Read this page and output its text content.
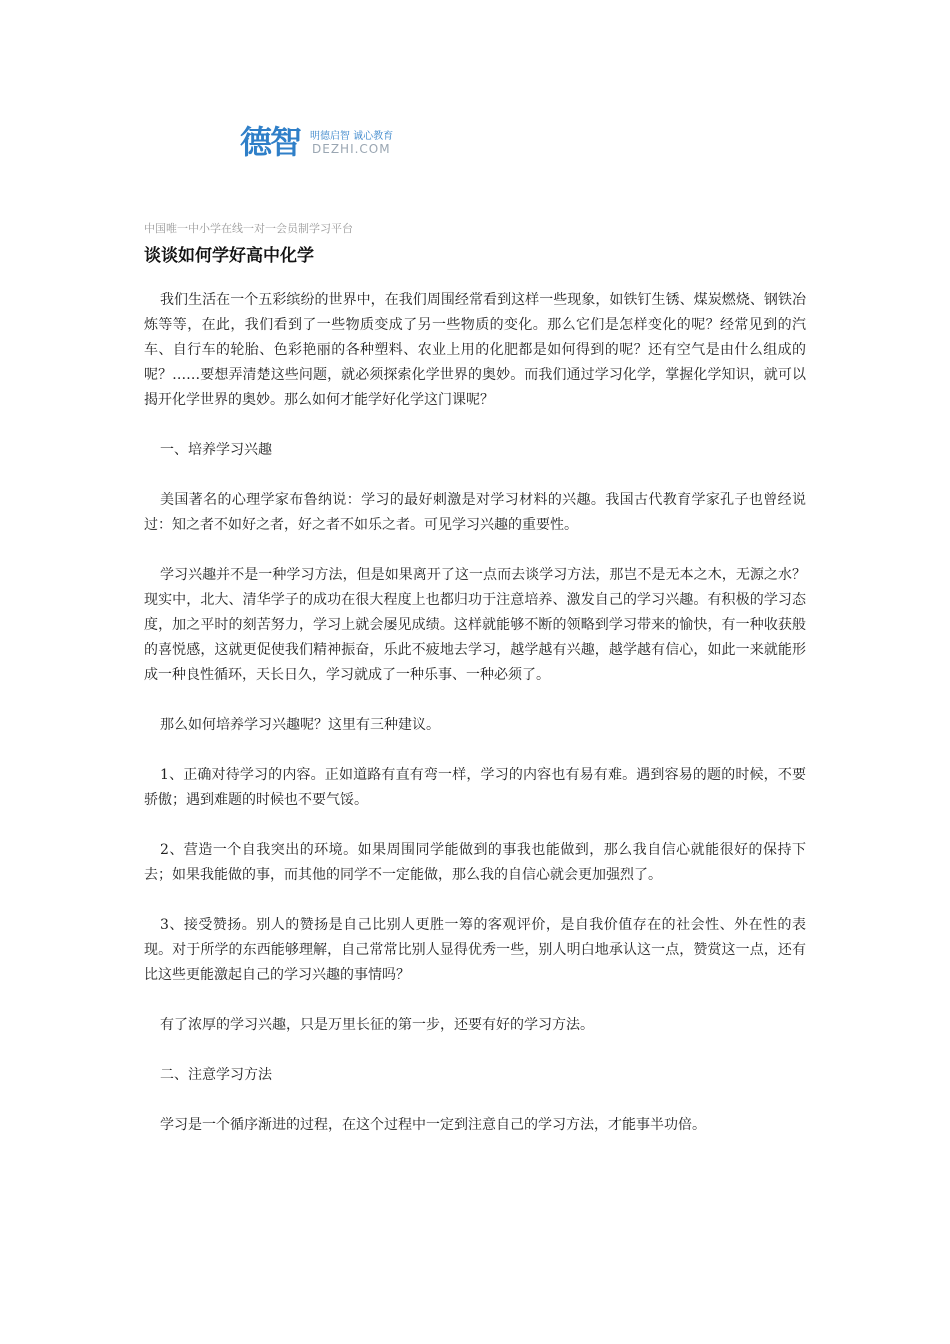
德智 明德启智 诚心教育
DEZHI.COM
中国唯一中小学在线一对一会员制学习平台
谈谈如何学好高中化学

我们生活在一个五彩缤纷的世界中，在我们周围经常看到这样一些现象，如铁钉生锈、煤炭燃烧、钢铁冶炼等等，在此，我们看到了一些物质变成了另一些物质的变化。那么它们是怎样变化的呢？经常见到的汽车、自行车的轮胎、色彩艳丽的各种塑料、农业上用的化肥都是如何得到的呢？还有空气是由什么组成的呢？……要想弄清楚这些问题，就必须探索化学世界的奥妙。而我们通过学习化学，掌握化学知识，就可以揭开化学世界的奥妙。那么如何才能学好化学这门课呢？

一、培养学习兴趣

美国著名的心理学家布鲁纳说：学习的最好刺激是对学习材料的兴趣。我国古代教育学家孔子也曾经说过：知之者不如好之者，好之者不如乐之者。可见学习兴趣的重要性。

学习兴趣并不是一种学习方法，但是如果离开了这一点而去谈学习方法，那岂不是无本之木，无源之水？现实中，北大、清华学子的成功在很大程度上也都归功于注意培养、激发自己的学习兴趣。有积极的学习态度，加之平时的刻苦努力，学习上就会屡见成绩。这样就能够不断的领略到学习带来的愉快，有一种收获般的喜悦感，这就更促使我们精神振奋，乐此不疲地去学习，越学越有兴趣，越学越有信心，如此一来就能形成一种良性循环，天长日久，学习就成了一种乐事、一种必须了。

那么如何培养学习兴趣呢？这里有三种建议。

1、正确对待学习的内容。正如道路有直有弯一样，学习的内容也有易有难。遇到容易的题的时候，不要骄傲；遇到难题的时候也不要气馁。

2、营造一个自我突出的环境。如果周围同学能做到的事我也能做到，那么我自信心就能很好的保持下去；如果我能做的事，而其他的同学不一定能做，那么我的自信心就会更加强烈了。

3、接受赞扬。别人的赞扬是自己比别人更胜一筹的客观评价，是自我价值存在的社会性、外在性的表现。对于所学的东西能够理解，自己常常比别人显得优秀一些，别人明白地承认这一点，赞赏这一点，还有比这些更能激起自己的学习兴趣的事情吗？

有了浓厚的学习兴趣，只是万里长征的第一步，还要有好的学习方法。

二、注意学习方法

学习是一个循序渐进的过程，在这个过程中一定到注意自己的学习方法，才能事半功倍。
